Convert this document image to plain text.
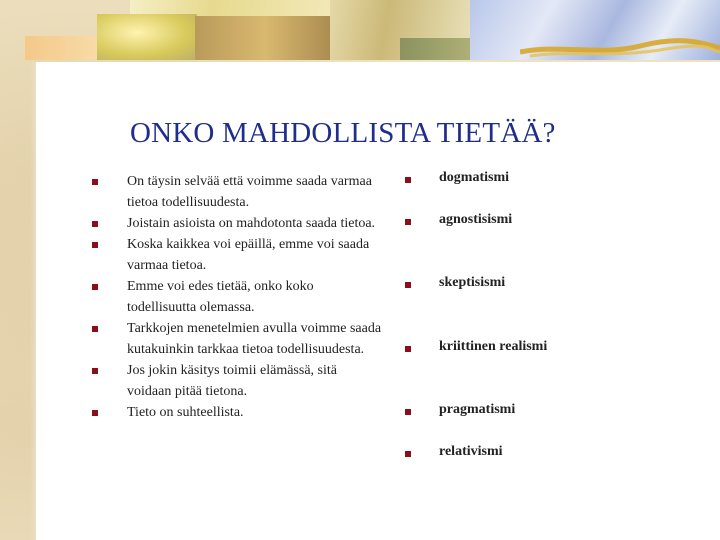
ONKO MAHDOLLISTA TIETÄÄ?
On täysin selvää että voimme saada varmaa tietoa todellisuudesta.
Joistain asioista on mahdotonta saada tietoa.
Koska kaikkea voi epäillä, emme voi saada varmaa tietoa.
Emme voi edes tietää, onko koko todellisuutta olemassa.
Tarkkojen menetelmien avulla voimme saada kutakuinkin tarkkaa tietoa todellisuudesta.
Jos jokin käsitys toimii elämässä, sitä voidaan pitää tietona.
Tieto on suhteellista.
dogmatismi
agnostisismi
skeptisismi
kriittinen realismi
pragmatismi
relativismi
